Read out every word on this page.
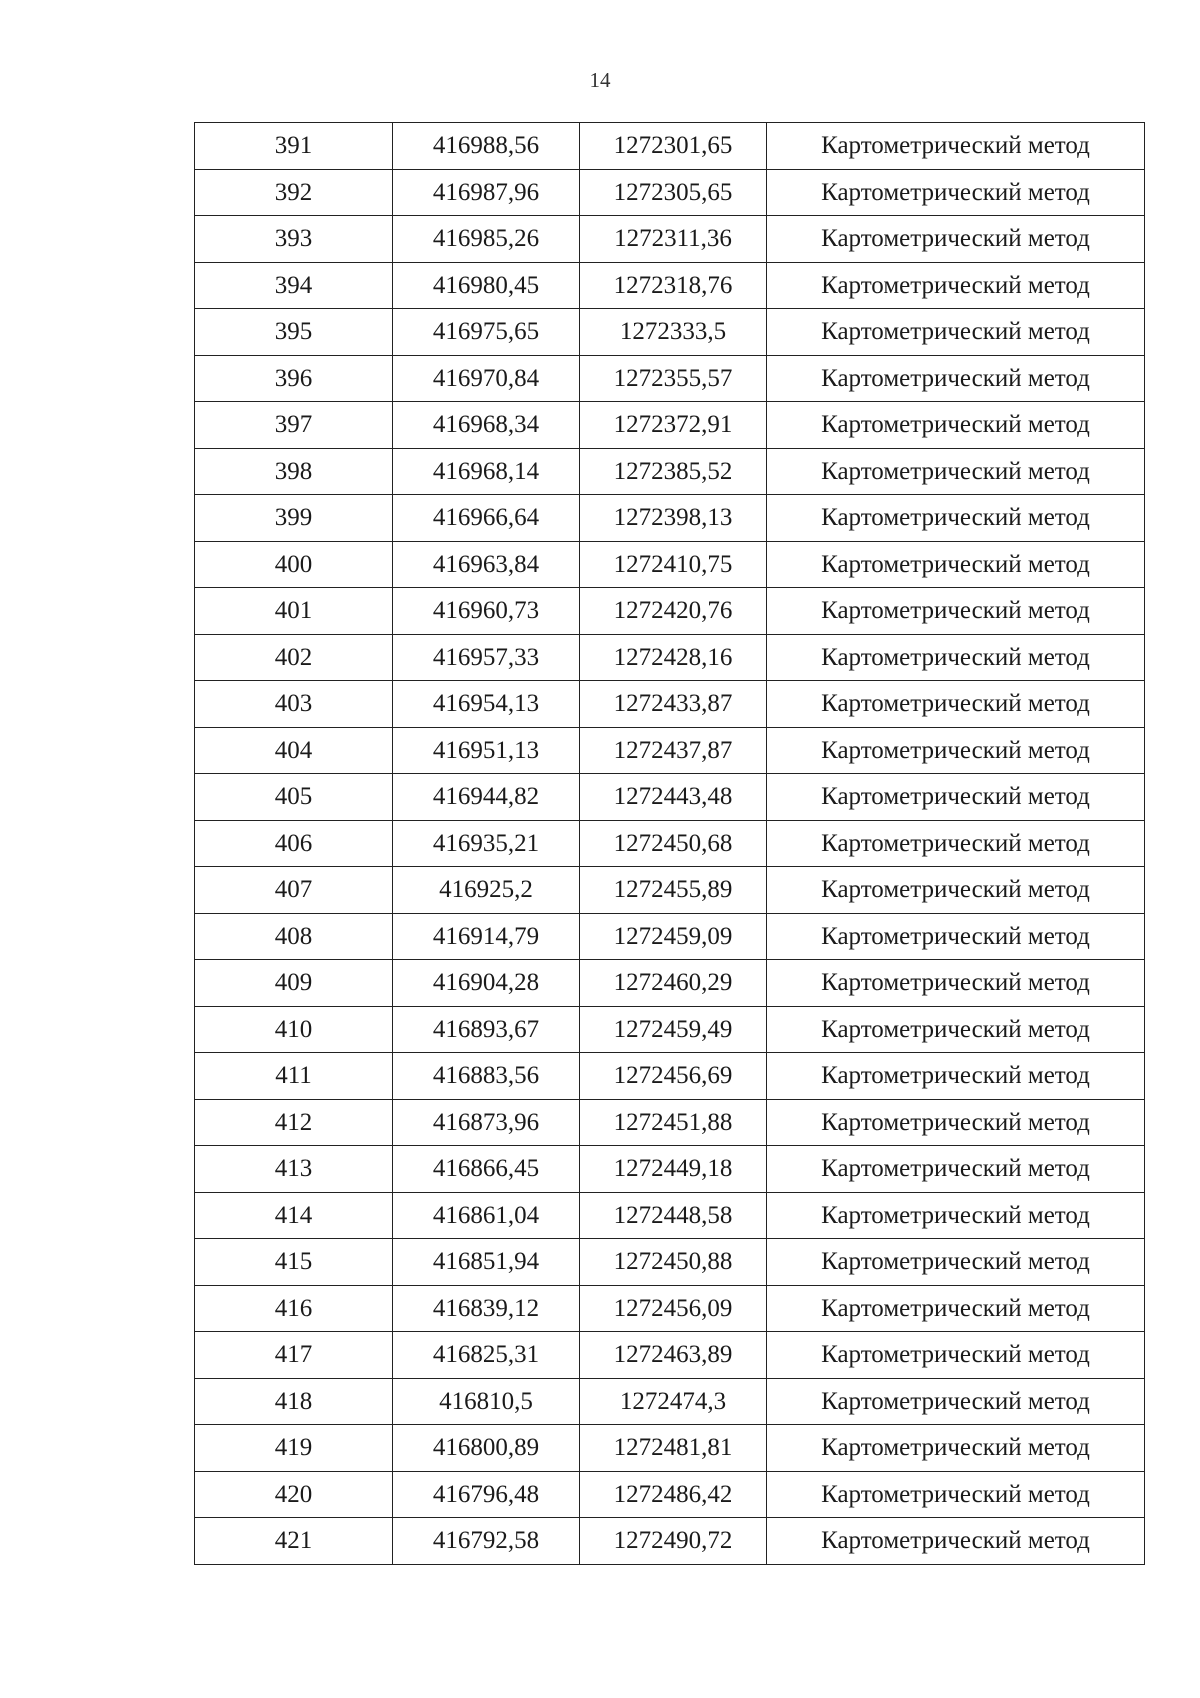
14
391	416988,56	1272301,65	Картометрический метод
392	416987,96	1272305,65	Картометрический метод
393	416985,26	1272311,36	Картометрический метод
394	416980,45	1272318,76	Картометрический метод
395	416975,65	1272333,5	Картометрический метод
396	416970,84	1272355,57	Картометрический метод
397	416968,34	1272372,91	Картометрический метод
398	416968,14	1272385,52	Картометрический метод
399	416966,64	1272398,13	Картометрический метод
400	416963,84	1272410,75	Картометрический метод
401	416960,73	1272420,76	Картометрический метод
402	416957,33	1272428,16	Картометрический метод
403	416954,13	1272433,87	Картометрический метод
404	416951,13	1272437,87	Картометрический метод
405	416944,82	1272443,48	Картометрический метод
406	416935,21	1272450,68	Картометрический метод
407	416925,2	1272455,89	Картометрический метод
408	416914,79	1272459,09	Картометрический метод
409	416904,28	1272460,29	Картометрический метод
410	416893,67	1272459,49	Картометрический метод
411	416883,56	1272456,69	Картометрический метод
412	416873,96	1272451,88	Картометрический метод
413	416866,45	1272449,18	Картометрический метод
414	416861,04	1272448,58	Картометрический метод
415	416851,94	1272450,88	Картометрический метод
416	416839,12	1272456,09	Картометрический метод
417	416825,31	1272463,89	Картометрический метод
418	416810,5	1272474,3	Картометрический метод
419	416800,89	1272481,81	Картометрический метод
420	416796,48	1272486,42	Картометрический метод
421	416792,58	1272490,72	Картометрический метод
